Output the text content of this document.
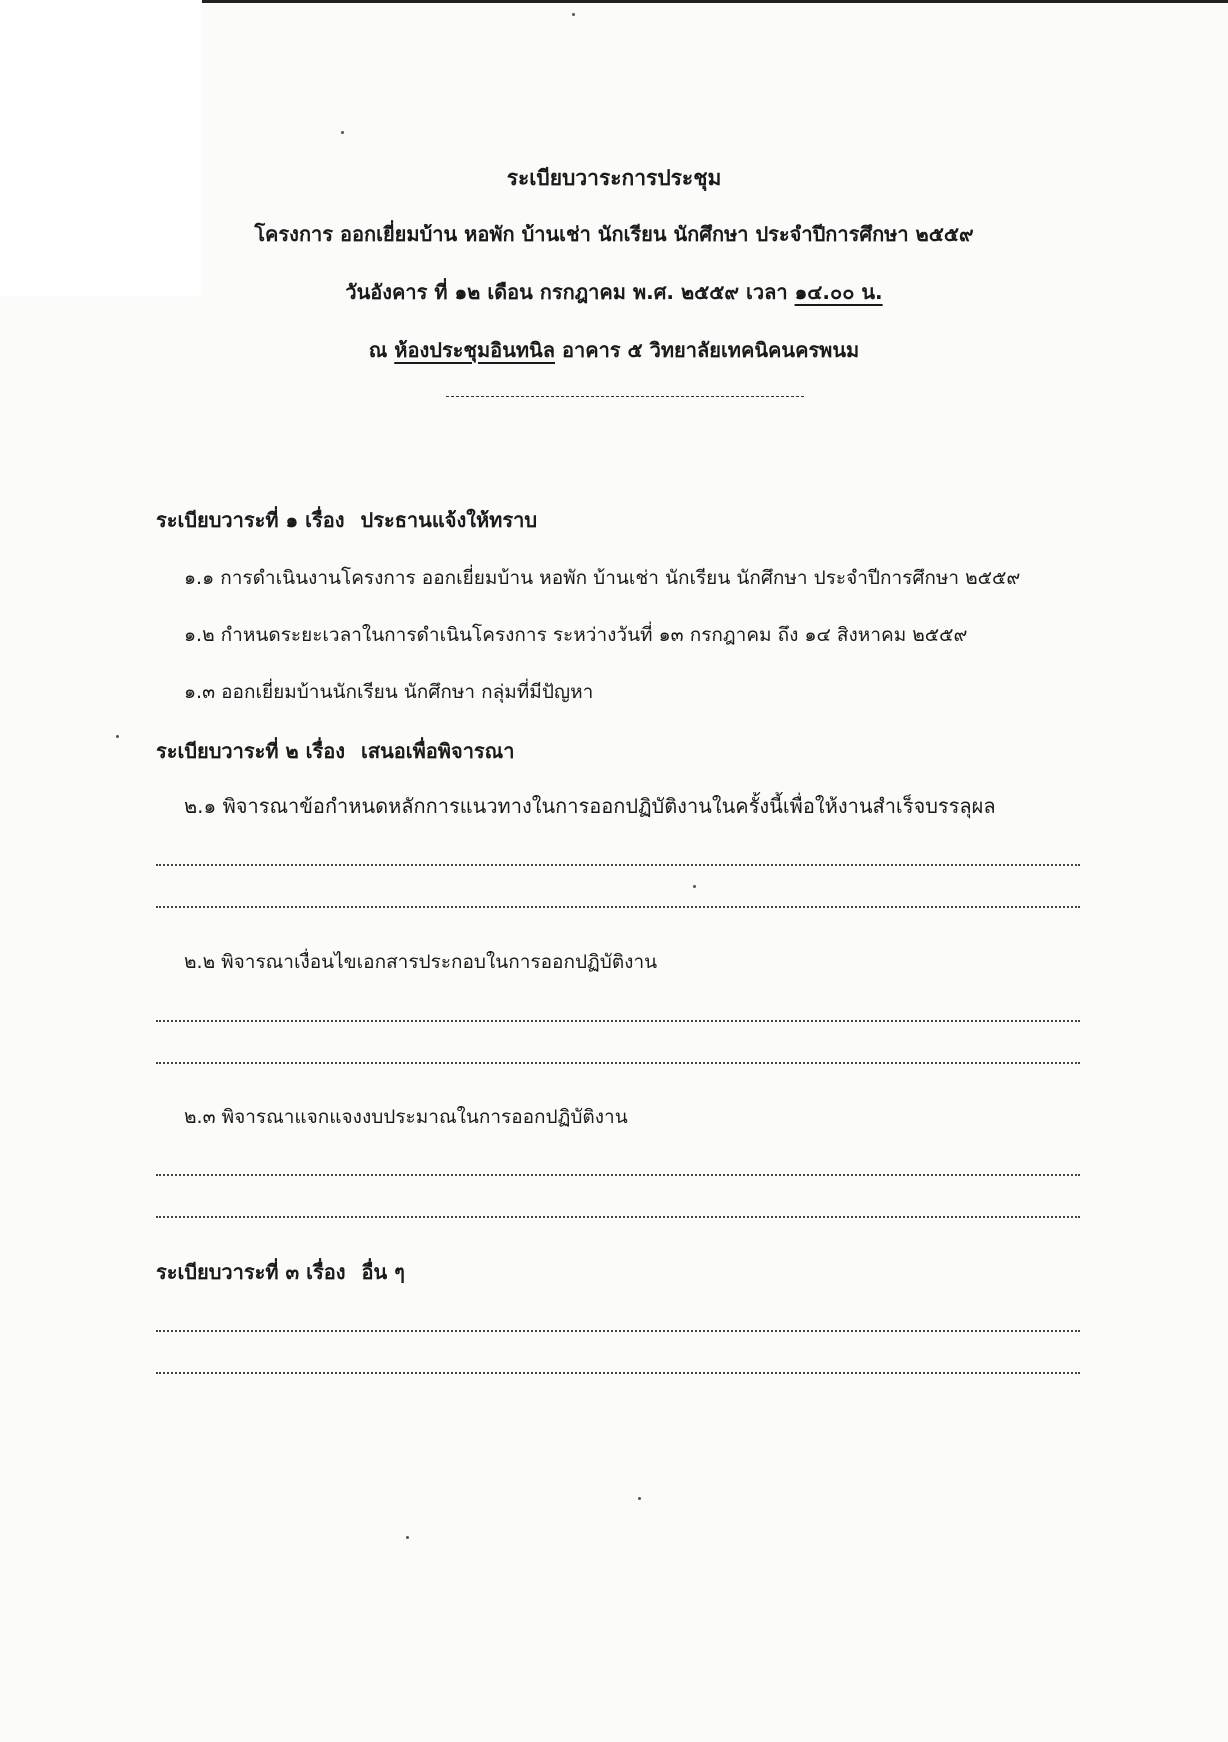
ระเบียบวาระการประชุม
โครงการ ออกเยี่ยมบ้าน หอพัก บ้านเช่า นักเรียน นักศึกษา ประจำปีการศึกษา ๒๕๕๙
วันอังคาร ที่ ๑๒ เดือน กรกฎาคม พ.ศ. ๒๕๕๙ เวลา ๑๔.๐๐ น.
ณ ห้องประชุมอินทนิล อาคาร ๕ วิทยาลัยเทคนิคนครพนม
ระเบียบวาระที่ ๑ เรื่อง ประธานแจ้งให้ทราบ
๑.๑ การดำเนินงานโครงการ ออกเยี่ยมบ้าน หอพัก บ้านเช่า นักเรียน นักศึกษา ประจำปีการศึกษา ๒๕๕๙
๑.๒ กำหนดระยะเวลาในการดำเนินโครงการ ระหว่างวันที่ ๑๓ กรกฎาคม ถึง ๑๔ สิงหาคม ๒๕๕๙
๑.๓ ออกเยี่ยมบ้านนักเรียน นักศึกษา กลุ่มที่มีปัญหา
ระเบียบวาระที่ ๒ เรื่อง เสนอเพื่อพิจารณา
๒.๑ พิจารณาข้อกำหนดหลักการแนวทางในการออกปฏิบัติงานในครั้งนี้เพื่อให้งานสำเร็จบรรลุผล
๒.๒ พิจารณาเงื่อนไขเอกสารประกอบในการออกปฏิบัติงาน
๒.๓ พิจารณาแจกแจงงบประมาณในการออกปฏิบัติงาน
ระเบียบวาระที่ ๓ เรื่อง อื่น ๆ
